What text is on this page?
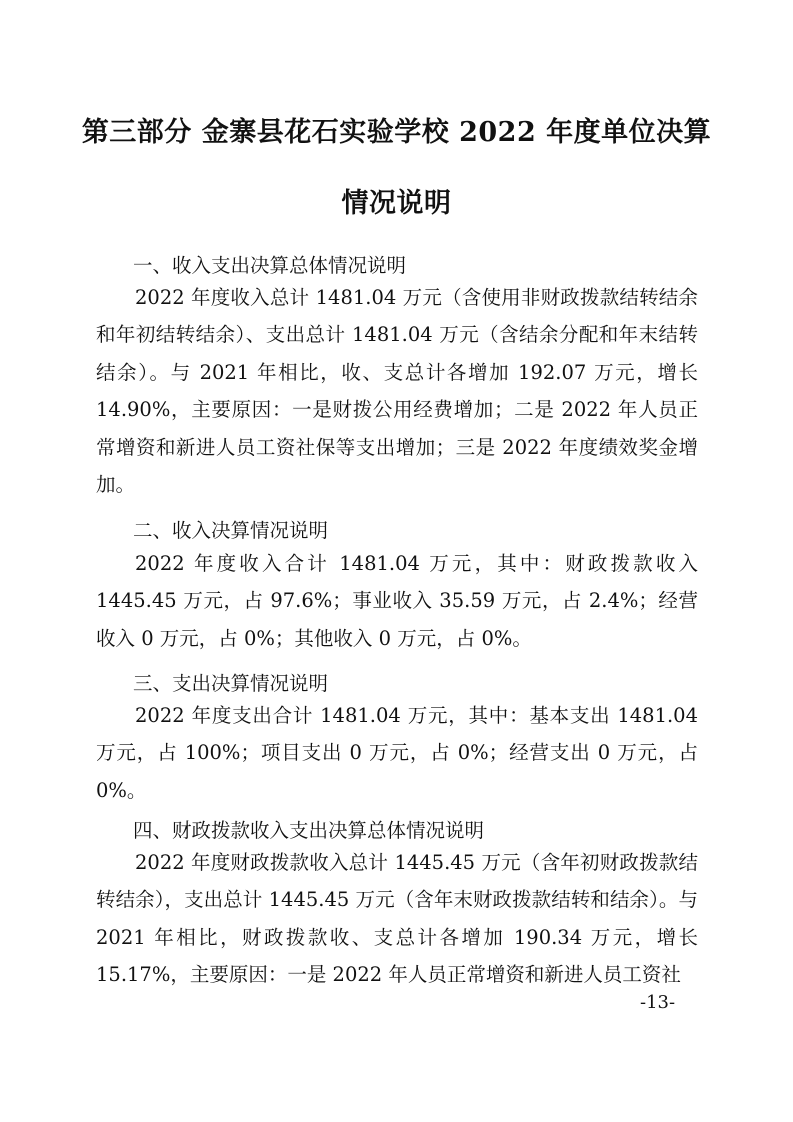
第三部分 金寨县花石实验学校 2022 年度单位决算
情况说明
一、收入支出决算总体情况说明
2022 年度收入总计 1481.04 万元（含使用非财政拨款结转结余和年初结转结余）、支出总计 1481.04 万元（含结余分配和年末结转结余）。与 2021 年相比，收、支总计各增加 192.07 万元，增长 14.90%，主要原因：一是财拨公用经费增加；二是 2022 年人员正常增资和新进人员工资社保等支出增加；三是 2022 年度绩效奖金增加。
二、收入决算情况说明
2022 年度收入合计 1481.04 万元，其中：财政拨款收入 1445.45 万元，占 97.6%；事业收入 35.59 万元，占 2.4%；经营收入 0 万元，占 0%；其他收入 0 万元，占 0%。
三、支出决算情况说明
2022 年度支出合计 1481.04 万元，其中：基本支出 1481.04 万元，占 100%；项目支出 0 万元，占 0%；经营支出 0 万元，占 0%。
四、财政拨款收入支出决算总体情况说明
2022 年度财政拨款收入总计 1445.45 万元（含年初财政拨款结转结余），支出总计 1445.45 万元（含年末财政拨款结转和结余）。与 2021 年相比，财政拨款收、支总计各增加 190.34 万元，增长 15.17%，主要原因：一是 2022 年人员正常增资和新进人员工资社
-13-
